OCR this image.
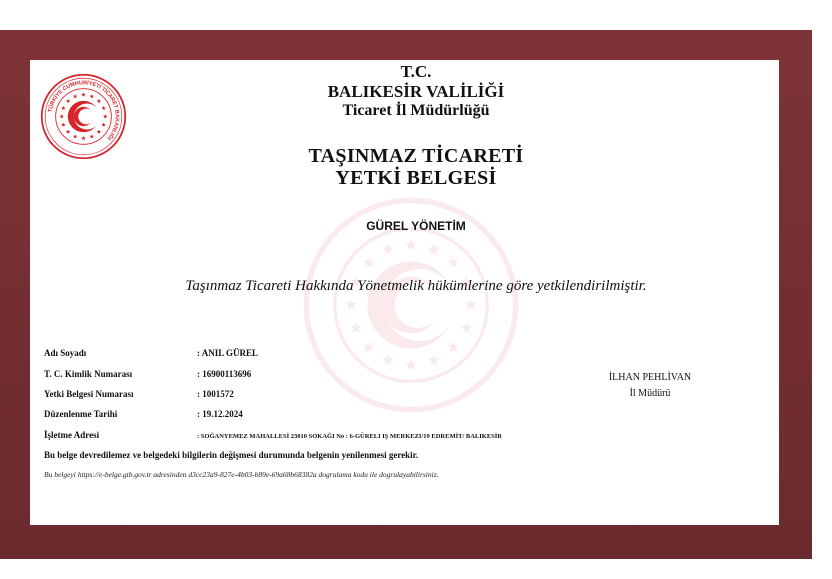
TÜRKİYE CUMHURİYETİ TİCARET BAKANLIĞI
T.C.
BALIKESİR VALİLİĞİ
Ticaret İl Müdürlüğü
TAŞINMAZ TİCARETİ
YETKİ BELGESİ
GÜREL YÖNETİM
Taşınmaz Ticareti Hakkında Yönetmelik hükümlerine göre yetkilendirilmiştir.
Adı Soyadı	: ANIL GÜREL
T. C. Kimlik Numarası	: 16900113696
Yetki Belgesi Numarası	: 1001572
Düzenlenme Tarihi	: 19.12.2024
İşletme Adresi	: SOĞANYEMEZ MAHALLESİ 23010 SOKAĞI No : 6-GÜRELI IŞ MERKEZI/19 EDREMİT/ BALIKESİR
İLHAN PEHLİVAN
İl Müdürü
Bu belge devredilemez ve belgedeki bilgilerin değişmesi durumunda belgenin yenilenmesi gerekir.
Bu belgeyi https://e-belge.gtb.gov.tr adresinden d3cc23a9-827e-4b03-b89e-69a68b68382a dogrulama kodu ile dogrulayabilirsiniz.
